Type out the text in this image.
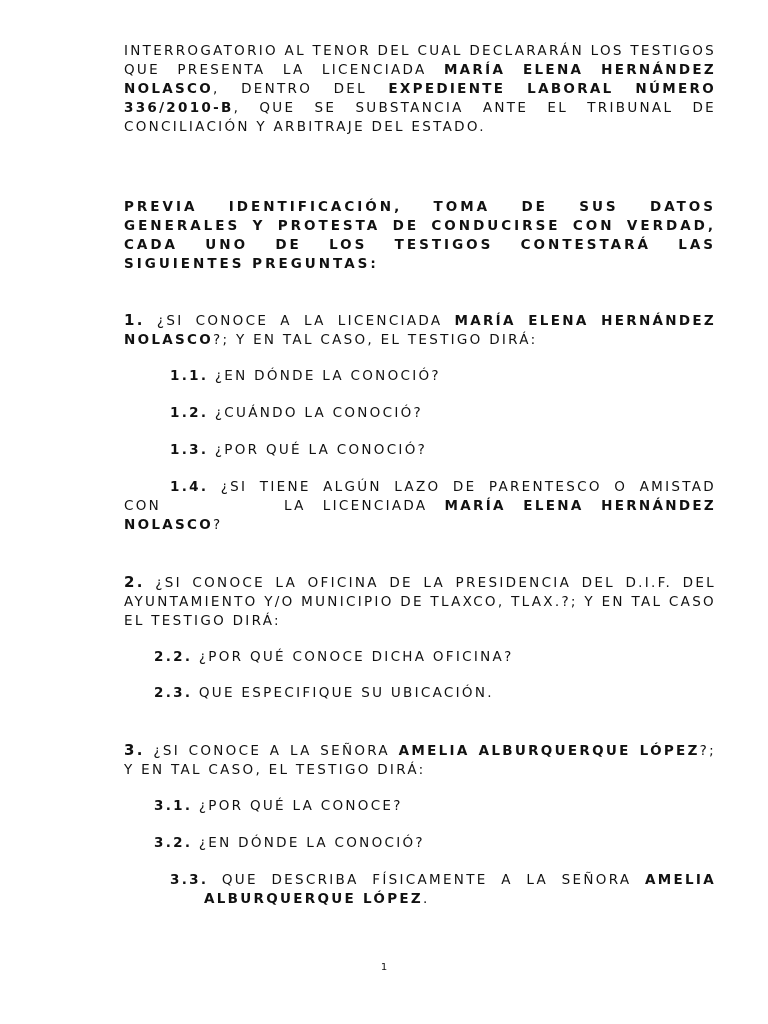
INTERROGATORIO AL TENOR DEL CUAL DECLARARÁN LOS TESTIGOS QUE PRESENTA LA LICENCIADA MARÍA ELENA HERNÁNDEZ NOLASCO, DENTRO DEL EXPEDIENTE LABORAL NÚMERO 336/2010-B, QUE SE SUBSTANCIA ANTE EL TRIBUNAL DE CONCILIACIÓN Y ARBITRAJE DEL ESTADO.
PREVIA IDENTIFICACIÓN, TOMA DE SUS DATOS GENERALES Y PROTESTA DE CONDUCIRSE CON VERDAD, CADA UNO DE LOS TESTIGOS CONTESTARÁ LAS SIGUIENTES PREGUNTAS:
1. ¿SI CONOCE A LA LICENCIADA MARÍA ELENA HERNÁNDEZ NOLASCO?; Y EN TAL CASO, EL TESTIGO DIRÁ:
1.1. ¿EN DÓNDE LA CONOCIÓ?
1.2. ¿CUÁNDO LA CONOCIÓ?
1.3. ¿POR QUÉ LA CONOCIÓ?
1.4. ¿SI TIENE ALGÚN LAZO DE PARENTESCO O AMISTAD
CON	LA LICENCIADA MARÍA ELENA HERNÁNDEZ
NOLASCO?
2. ¿SI CONOCE LA OFICINA DE LA PRESIDENCIA DEL D.I.F. DEL AYUNTAMIENTO Y/O MUNICIPIO DE TLAXCO, TLAX.?; Y EN TAL CASO EL TESTIGO DIRÁ:
2.2. ¿POR QUÉ CONOCE DICHA OFICINA?
2.3. QUE ESPECIFIQUE SU UBICACIÓN.
3. ¿SI CONOCE A LA SEÑORA AMELIA ALBURQUERQUE LÓPEZ?; Y EN TAL CASO, EL TESTIGO DIRÁ:
3.1. ¿POR QUÉ LA CONOCE?
3.2. ¿EN DÓNDE LA CONOCIÓ?
3.3. QUE DESCRIBA FÍSICAMENTE A LA SEÑORA AMELIA
ALBURQUERQUE LÓPEZ.
1
